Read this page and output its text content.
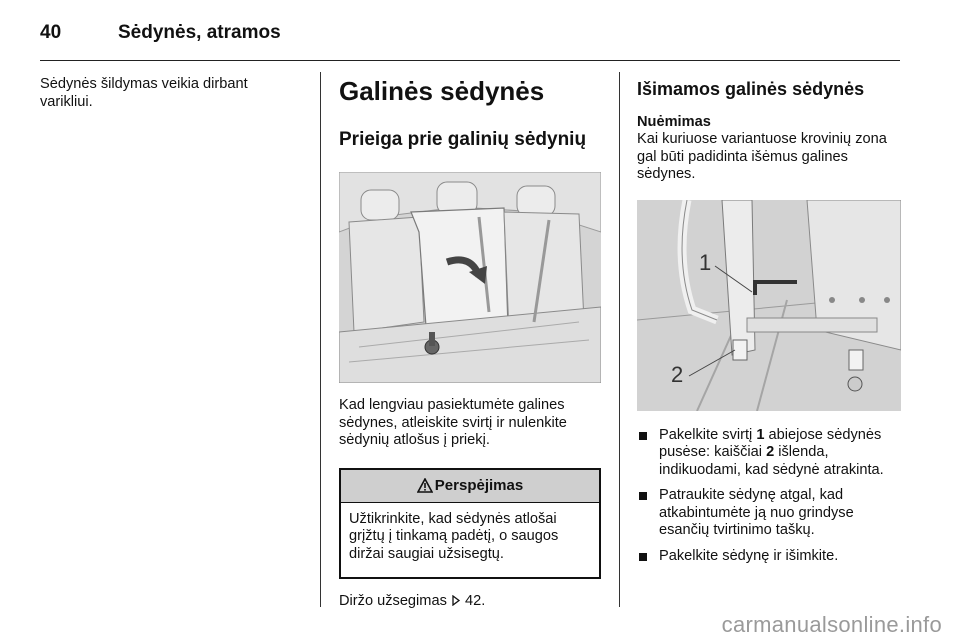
40	Sėdynės, atramos

Sėdynės šildymas veikia dirbant varikliui.	Galinės sėdynės
Prieiga prie galinių sėdynių

Kad lengviau pasiektumėte galines sėdynes, atleiskite svirtį ir nulenkite sėdynių atlošus į priekį.

Perspėjimas
Užtikrinkite, kad sėdynės atlošai grįžtų į tinkamą padėtį, o saugos diržai saugiai užsisegtų.

Diržo užsegimas  42.

Išimamos galinės sėdynės
Nuėmimas

Kai kuriuose variantuose krovinių zona gal būti padidinta išėmus galines sėdynes.

1
2
Pakelkite svirtį 1 abiejose sėdynės pusėse: kaiščiai 2 išlenda, indikuodami, kad sėdynė atrakinta.
Patraukite sėdynę atgal, kad atkabintumėte ją nuo grindyse esančių tvirtinimo taškų.
Pakelkite sėdynę ir išimkite.
carmanualsonline.info
